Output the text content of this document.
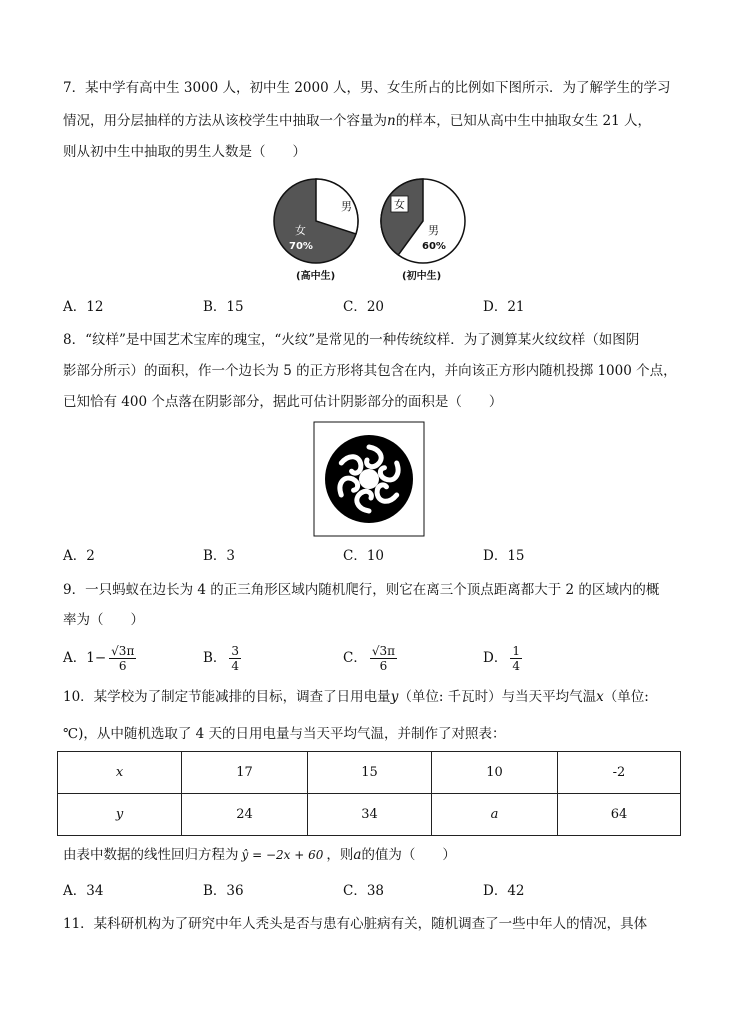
7．某中学有高中生 3000 人，初中生 2000 人，男、女生所占的比例如下图所示．为了解学生的学习
情况，用分层抽样的方法从该校学生中抽取一个容量为n的样本，已知从高中生中抽取女生 21 人，
则从初中生中抽取的男生人数是（　　）
男
女
70%
(高中生)
女
男
60%
(初中生)
A．12	B．15	C．20	D．21
8．“纹样”是中国艺术宝库的瑰宝，“火纹”是常见的一种传统纹样．为了测算某火纹纹样（如图阴
影部分所示）的面积，作一个边长为 5 的正方形将其包含在内，并向该正方形内随机投掷 1000 个点，
已知恰有 400 个点落在阴影部分，据此可估计阴影部分的面积是（　　）
A．2	B．3	C．10	D．15
9．一只蚂蚁在边长为 4 的正三角形区域内随机爬行，则它在离三个顶点距离都大于 2 的区域内的概
率为（　　）
A．$1- \frac{√3\pi}{6}$	B． $\frac{3}{4}$	C． $\frac{√3\pi}{6}$	D． $\frac{1}{4}$
10．某学校为了制定节能减排的目标，调查了日用电量y（单位: 千瓦时）与当天平均气温x（单位:
℃)，从中随机选取了 4 天的日用电量与当天平均气温，并制作了对照表：
x	17	15	10	-2
y	24	34	a	64
由表中数据的线性回归方程为 ŷ = −2x + 60 ，则a的值为（　　）
A．34	B．36	C．38	D．42
11．某科研机构为了研究中年人秃头是否与患有心脏病有关，随机调查了一些中年人的情况，具体
